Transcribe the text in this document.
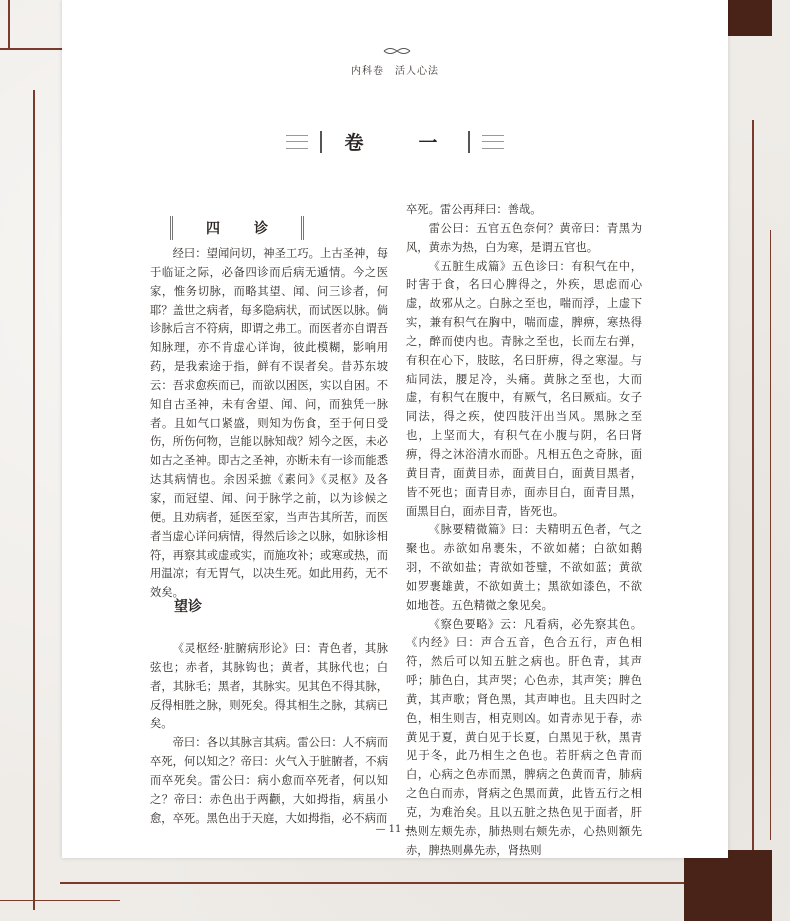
内科卷　活人心法
卷　一
四　诊

经曰：望闻问切，神圣工巧。上古圣神，每于临证之际，必备四诊而后病无遁情。今之医家，惟务切脉，而略其望、闻、问三诊者，何耶？盖世之病者，每多隐病状，而试医以脉。倘诊脉后言不符病，即谓之弗工。而医者亦自谓吾知脉理，亦不肯虚心详询，彼此模糊，影响用药，是我索途于指，鲜有不误者矣。昔苏东坡云：吾求愈疾而已，而欲以困医，实以自困。不知自古圣神，未有舍望、闻、问，而独凭一脉者。且如气口紧盛，则知为伤食，至于何日受伤，所伤何物，岂能以脉知哉？矧今之医，未必如古之圣神。即古之圣神，亦断未有一诊而能悉达其病情也。余因采摭《素问》《灵枢》及各家，而冠望、闻、问于脉学之前，以为诊候之便。且劝病者，延医至家，当声告其所苦，而医者当虚心详问病情，得然后诊之以脉，如脉诊相符，再察其或虚或实，而施攻补；或寒或热，而用温凉；有无胃气，以决生死。如此用药，无不效矣。

《灵枢经·脏腑病形论》曰：青色者，其脉弦也；赤者，其脉钩也；黄者，其脉代也；白者，其脉毛；黑者，其脉实。见其色不得其脉，反得相胜之脉，则死矣。得其相生之脉，其病已矣。

帝曰：各以其脉言其病。雷公曰：人不病而卒死，何以知之？帝曰：火气入于脏腑者，不病而卒死矣。雷公曰：病小愈而卒死者，何以知之？帝曰：赤色出于两颧，大如拇指，病虽小愈，卒死。黑色出于天庭，大如拇指，必不病而

望诊

卒死。雷公再拜曰：善哉。

雷公曰：五官五色奈何？黄帝曰：青黑为风，黄赤为热，白为寒，是谓五官也。

《五脏生成篇》五色诊曰：有积气在中，时害于食，名曰心脾得之，外疾，思虑而心虚，故邪从之。白脉之至也，喘而浮，上虚下实，兼有积气在胸中，喘而虚，脾痹，寒热得之，醉而使内也。青脉之至也，长而左右弹，有积在心下，肢眩，名曰肝痹，得之寒湿。与疝同法，腰足冷，头痛。黄脉之至也，大而虚，有积气在腹中，有厥气，名曰厥疝。女子同法，得之疾，使四肢汗出当风。黑脉之至也，上坚而大，有积气在小腹与阴，名曰肾痹，得之沐浴清水而卧。凡相五色之奇脉，面黄目青，面黄目赤，面黄目白，面黄目黑者，皆不死也；面青目赤，面赤目白，面青目黑，面黑目白，面赤目青，皆死也。

《脉要精微篇》曰：夫精明五色者，气之聚也。赤欲如帛裹朱，不欲如赭；白欲如鹅羽，不欲如盐；青欲如苍璧，不欲如蓝；黄欲如罗裹雄黄，不欲如黄土；黑欲如漆色，不欲如地苍。五色精微之象见矣。

《察色要略》云：凡看病，必先察其色。《内经》曰：声合五音，色合五行，声色相符，然后可以知五脏之病也。肝色青，其声呼；肺色白，其声哭；心色赤，其声笑；脾色黄，其声歌；肾色黑，其声呻也。且夫四时之色，相生则吉，相克则凶。如青赤见于春，赤黄见于夏，黄白见于长夏，白黑见于秋，黑青见于冬，此乃相生之色也。若肝病之色青而白，心病之色赤而黑，脾病之色黄而青，肺病之色白而赤，肾病之色黑而黄，此皆五行之相克，为难治矣。且以五脏之热色见于面者，肝热则左颊先赤，肺热则右颊先赤，心热则额先赤，脾热则鼻先赤，肾热则

— 11 —
